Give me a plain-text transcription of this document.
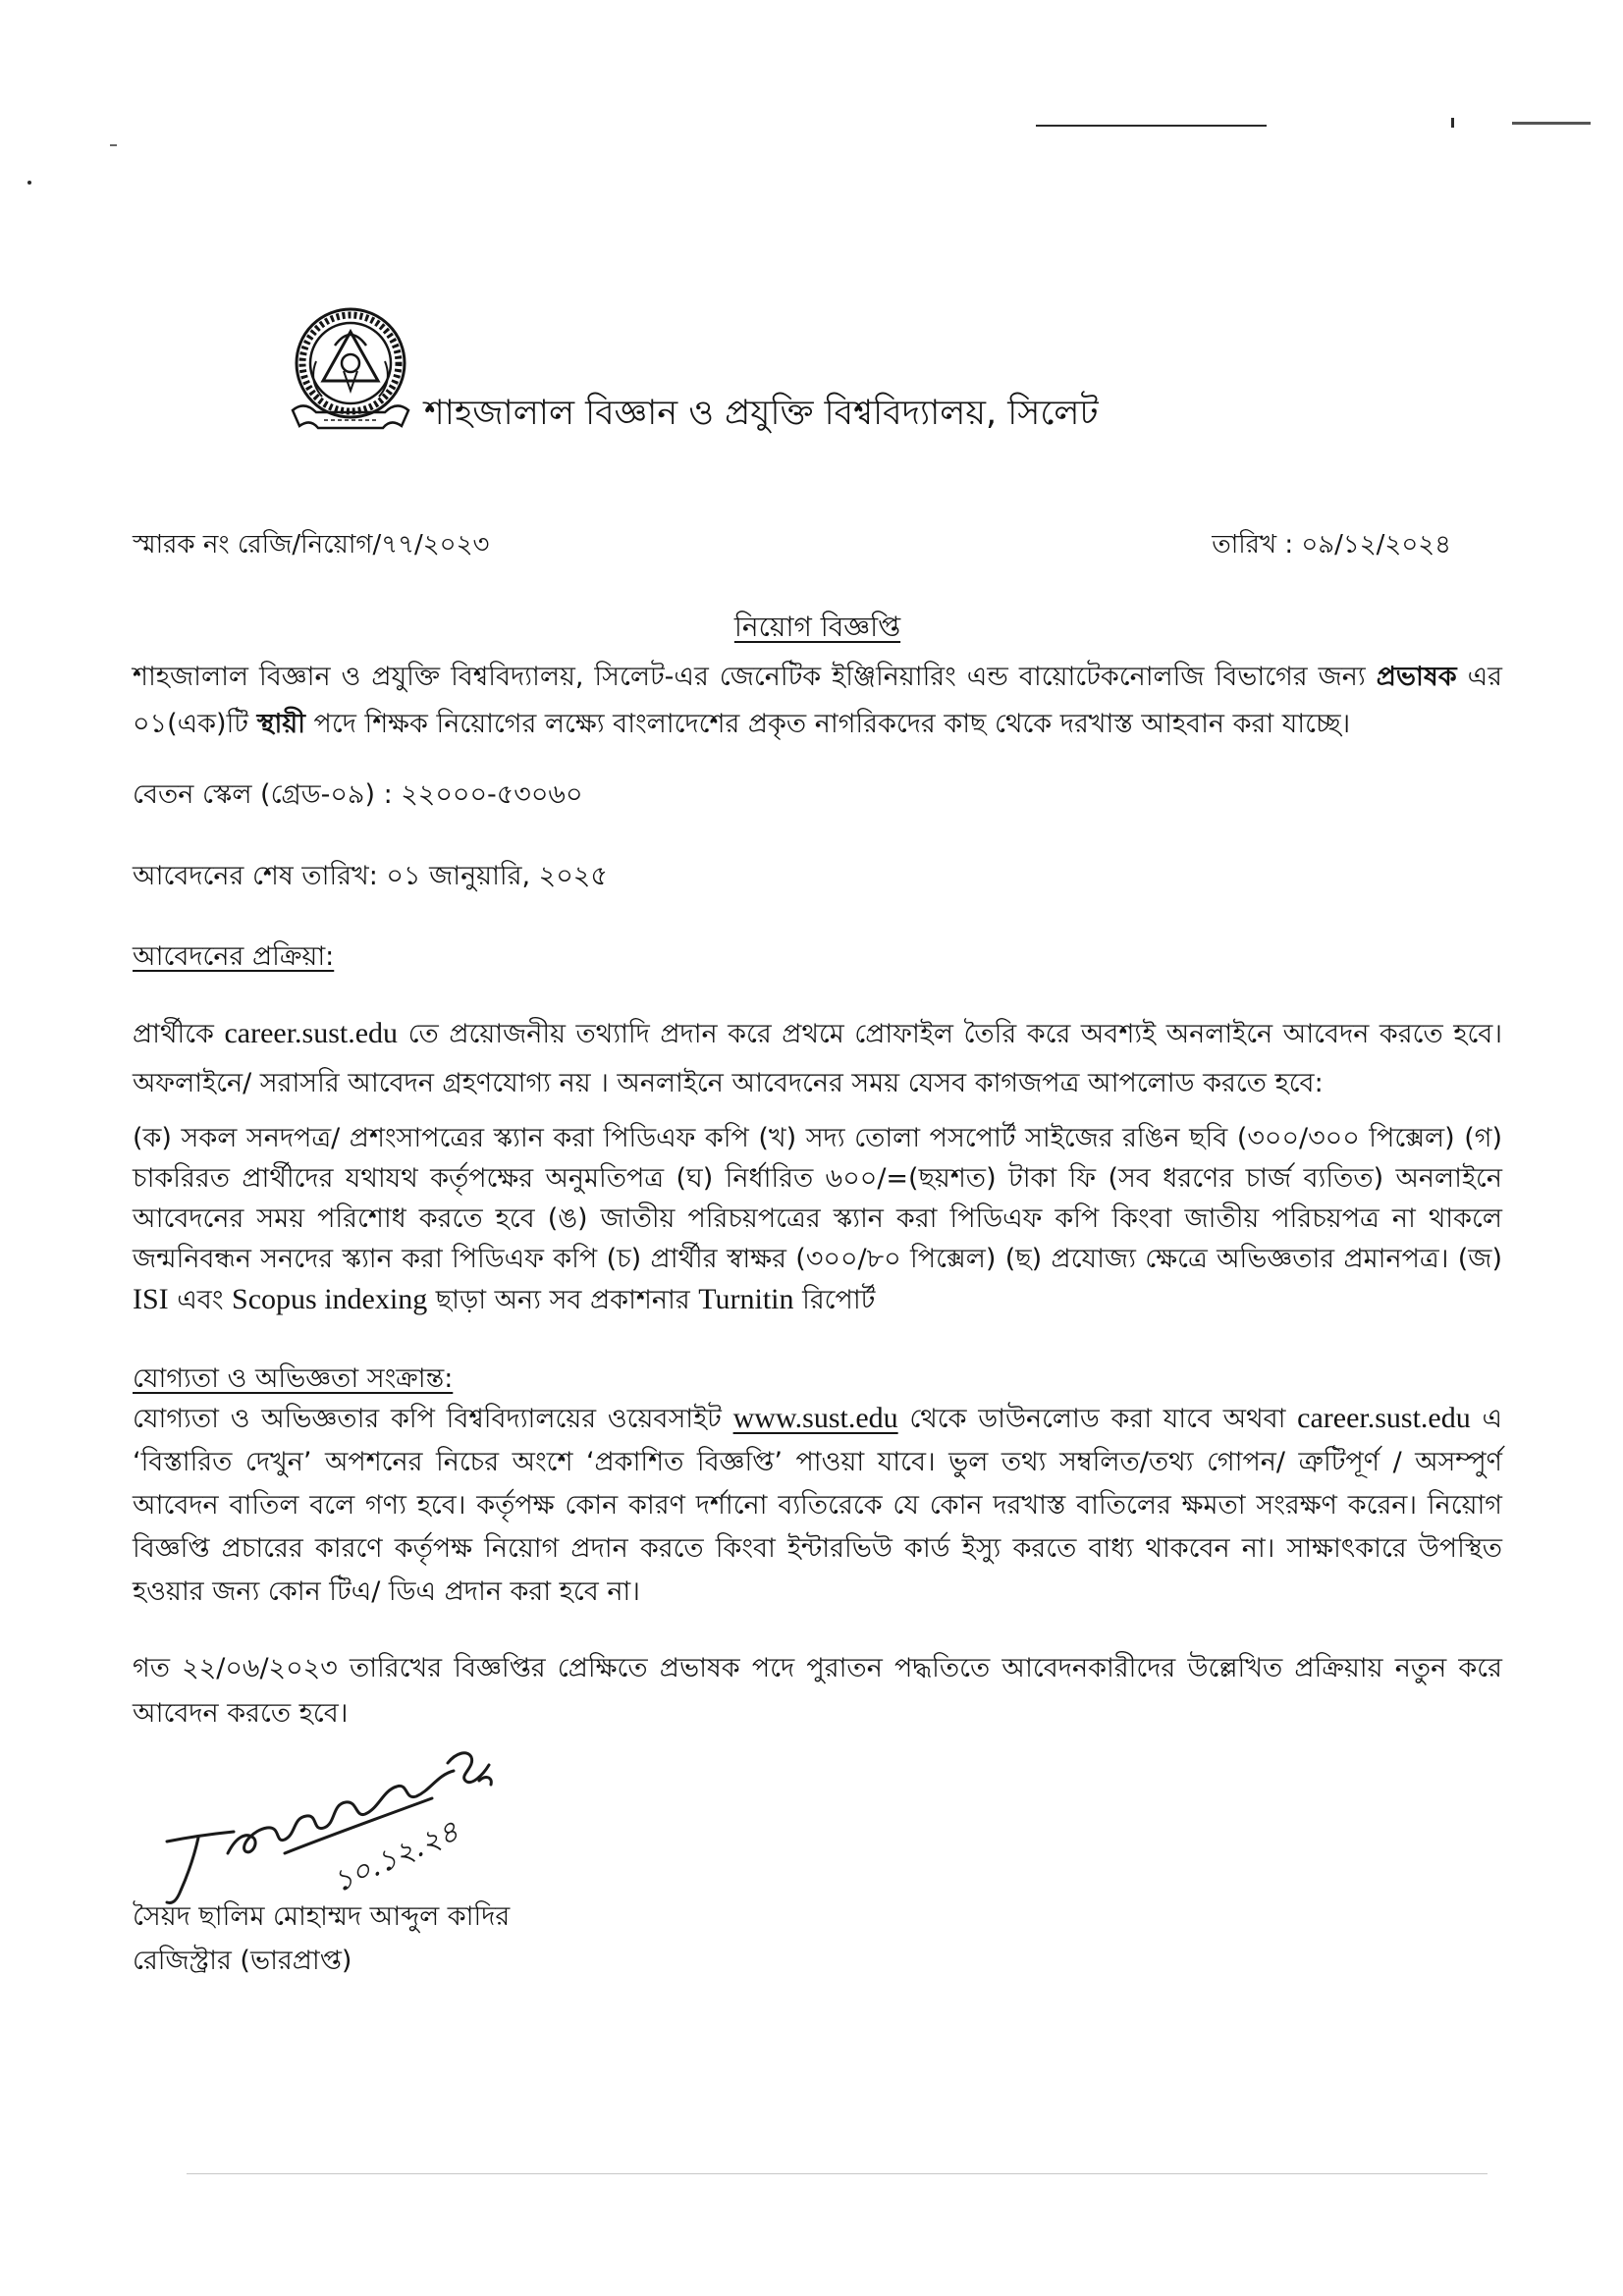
শাহজালাল বিজ্ঞান ও প্রযুক্তি বিশ্ববিদ্যালয়, সিলেট
স্মারক নং রেজি/নিয়োগ/৭৭/২০২৩	তারিখ : ০৯/১২/২০২৪
নিয়োগ বিজ্ঞপ্তি

শাহজালাল বিজ্ঞান ও প্রযুক্তি বিশ্ববিদ্যালয়, সিলেট-এর জেনেটিক ইঞ্জিনিয়ারিং এন্ড বায়োটেকনোলজি বিভাগের জন্য প্রভাষক এর ০১(এক)টি স্থায়ী পদে শিক্ষক নিয়োগের লক্ষ্যে বাংলাদেশের প্রকৃত নাগরিকদের কাছ থেকে দরখাস্ত আহবান করা যাচ্ছে।

বেতন স্কেল (গ্রেড-০৯) : ২২০০০-৫৩০৬০

আবেদনের শেষ তারিখ: ০১ জানুয়ারি, ২০২৫

আবেদনের প্রক্রিয়া:

প্রার্থীকে career.sust.edu তে প্রয়োজনীয় তথ্যাদি প্রদান করে প্রথমে প্রোফাইল তৈরি করে অবশ্যই অনলাইনে আবেদন করতে হবে। অফলাইনে/ সরাসরি আবেদন গ্রহণযোগ্য নয় । অনলাইনে আবেদনের সময় যেসব কাগজপত্র আপলোড করতে হবে:

(ক) সকল সনদপত্র/ প্রশংসাপত্রের স্ক্যান করা পিডিএফ কপি (খ) সদ্য তোলা পসপোর্ট সাইজের রঙিন ছবি (৩০০/৩০০ পিক্সেল) (গ) চাকরিরত প্রার্থীদের যথাযথ কর্তৃপক্ষের অনুমতিপত্র (ঘ) নির্ধারিত ৬০০/=(ছয়শত) টাকা ফি (সব ধরণের চার্জ ব্যতিত) অনলাইনে আবেদনের সময় পরিশোধ করতে হবে (ঙ) জাতীয় পরিচয়পত্রের স্ক্যান করা পিডিএফ কপি কিংবা জাতীয় পরিচয়পত্র না থাকলে জন্মনিবন্ধন সনদের স্ক্যান করা পিডিএফ কপি (চ) প্রার্থীর স্বাক্ষর (৩০০/৮০ পিক্সেল) (ছ) প্রযোজ্য ক্ষেত্রে অভিজ্ঞতার প্রমানপত্র। (জ) ISI এবং Scopus indexing ছাড়া অন্য সব প্রকাশনার Turnitin রিপোর্ট

যোগ্যতা ও অভিজ্ঞতা সংক্রান্ত:

যোগ্যতা ও অভিজ্ঞতার কপি বিশ্ববিদ্যালয়ের ওয়েবসাইট www.sust.edu থেকে ডাউনলোড করা যাবে অথবা career.sust.edu এ ‘বিস্তারিত দেখুন’ অপশনের নিচের অংশে ‘প্রকাশিত বিজ্ঞপ্তি’ পাওয়া যাবে। ভুল তথ্য সম্বলিত/তথ্য গোপন/ ত্রুটিপূর্ণ / অসম্পুর্ণ আবেদন বাতিল বলে গণ্য হবে। কর্তৃপক্ষ কোন কারণ দর্শানো ব্যতিরেকে যে কোন দরখাস্ত বাতিলের ক্ষমতা সংরক্ষণ করেন। নিয়োগ বিজ্ঞপ্তি প্রচারের কারণে কর্তৃপক্ষ নিয়োগ প্রদান করতে কিংবা ইন্টারভিউ কার্ড ইস্যু করতে বাধ্য থাকবেন না। সাক্ষাৎকারে উপস্থিত হওয়ার জন্য কোন টিএ/ ডিএ প্রদান করা হবে না।

গত ২২/০৬/২০২৩ তারিখের বিজ্ঞপ্তির প্রেক্ষিতে প্রভাষক পদে পুরাতন পদ্ধতিতে আবেদনকারীদের উল্লেখিত প্রক্রিয়ায় নতুন করে আবেদন করতে হবে।

১০.১২.২৪
সৈয়দ ছালিম মোহাম্মদ আব্দুল কাদির
রেজিস্ট্রার (ভারপ্রাপ্ত)
